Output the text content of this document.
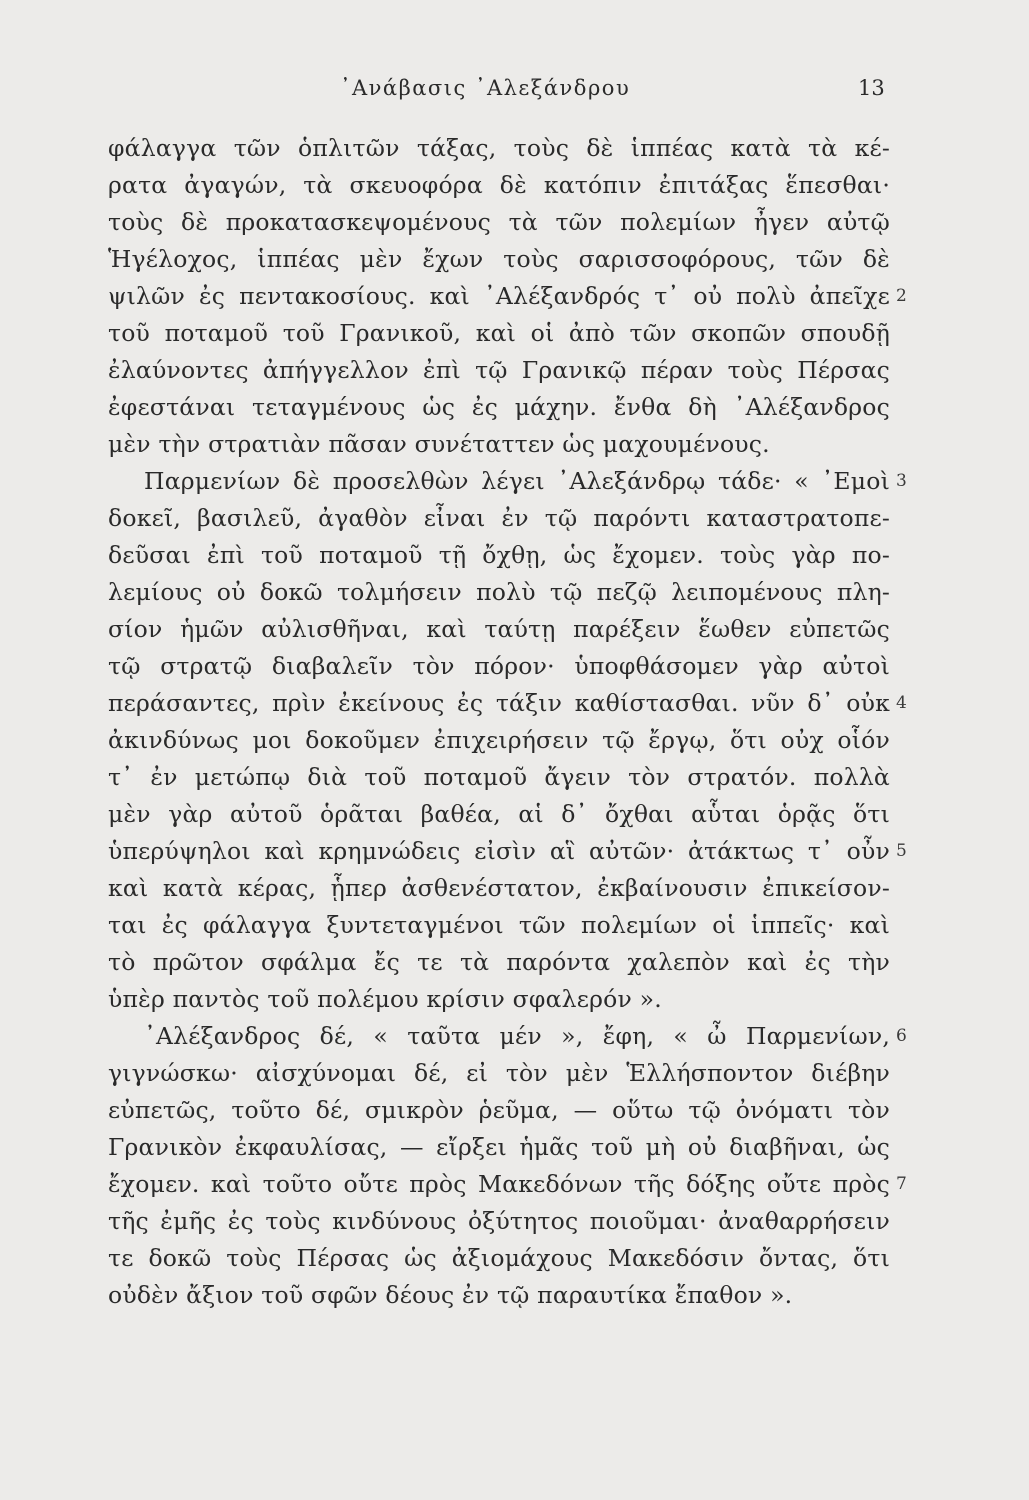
᾿Ανάβασις ᾿Αλεξάνδρου	13
φάλαγγα τῶν ὁπλιτῶν τάξας, τοὺς δὲ ἱππέας κατὰ τὰ κέ-
ρατα ἀγαγών, τὰ σκευοφόρα δὲ κατόπιν ἐπιτάξας ἕπεσθαι·
τοὺς δὲ προκατασκεψομένους τὰ τῶν πολεμίων ἦγεν αὐτῷ
Ἡγέλοχος, ἱππέας μὲν ἔχων τοὺς σαρισσοφόρους, τῶν δὲ
ψιλῶν ἐς πεντακοσίους. καὶ ᾿Αλέξανδρός τ᾿ οὐ πολὺ ἀπεῖχε
τοῦ ποταμοῦ τοῦ Γρανικοῦ, καὶ οἱ ἀπὸ τῶν σκοπῶν σπουδῇ
ἐλαύνοντες ἀπήγγελλον ἐπὶ τῷ Γρανικῷ πέραν τοὺς Πέρσας
ἐφεστάναι τεταγμένους ὡς ἐς μάχην. ἔνθα δὴ ᾿Αλέξανδρος
μὲν τὴν στρατιὰν πᾶσαν συνέταττεν ὡς μαχουμένους.
Παρμενίων δὲ προσελθὼν λέγει ᾿Αλεξάνδρῳ τάδε· « ᾿Εμοὶ
δοκεῖ, βασιλεῦ, ἀγαθὸν εἶναι ἐν τῷ παρόντι καταστρατοπε-
δεῦσαι ἐπὶ τοῦ ποταμοῦ τῇ ὄχθῃ, ὡς ἔχομεν. τοὺς γὰρ πο-
λεμίους οὐ δοκῶ τολμήσειν πολὺ τῷ πεζῷ λειπομένους πλη-
σίον ἡμῶν αὐλισθῆναι, καὶ ταύτῃ παρέξειν ἕωθεν εὐπετῶς
τῷ στρατῷ διαβαλεῖν τὸν πόρον· ὑποφθάσομεν γὰρ αὐτοὶ
περάσαντες, πρὶν ἐκείνους ἐς τάξιν καθίστασθαι. νῦν δ᾿ οὐκ
ἀκινδύνως μοι δοκοῦμεν ἐπιχειρήσειν τῷ ἔργῳ, ὅτι οὐχ οἷόν
τ᾿ ἐν μετώπῳ διὰ τοῦ ποταμοῦ ἄγειν τὸν στρατόν. πολλὰ
μὲν γὰρ αὐτοῦ ὁρᾶται βαθέα, αἱ δ᾿ ὄχθαι αὗται ὁρᾷς ὅτι
ὑπερύψηλοι καὶ κρημνώδεις εἰσὶν αἳ αὐτῶν· ἀτάκτως τ᾿ οὖν
καὶ κατὰ κέρας, ᾗπερ ἀσθενέστατον, ἐκβαίνουσιν ἐπικείσον-
ται ἐς φάλαγγα ξυντεταγμένοι τῶν πολεμίων οἱ ἱππεῖς· καὶ
τὸ πρῶτον σφάλμα ἔς τε τὰ παρόντα χαλεπὸν καὶ ἐς τὴν
ὑπὲρ παντὸς τοῦ πολέμου κρίσιν σφαλερόν ».
᾿Αλέξανδρος δέ, « ταῦτα μέν », ἔφη, « ὦ Παρμενίων,
γιγνώσκω· αἰσχύνομαι δέ, εἰ τὸν μὲν Ἑλλήσποντον διέβην
εὐπετῶς, τοῦτο δέ, σμικρὸν ῥεῦμα, — οὕτω τῷ ὀνόματι τὸν
Γρανικὸν ἐκφαυλίσας, — εἴρξει ἡμᾶς τοῦ μὴ οὐ διαβῆναι, ὡς
ἔχομεν. καὶ τοῦτο οὔτε πρὸς Μακεδόνων τῆς δόξης οὔτε πρὸς
τῆς ἐμῆς ἐς τοὺς κινδύνους ὀξύτητος ποιοῦμαι· ἀναθαρρήσειν
τε δοκῶ τοὺς Πέρσας ὡς ἀξιομάχους Μακεδόσιν ὄντας, ὅτι
οὐδὲν ἄξιον τοῦ σφῶν δέους ἐν τῷ παραυτίκα ἔπαθον ».
2
3
4
5
6
7
